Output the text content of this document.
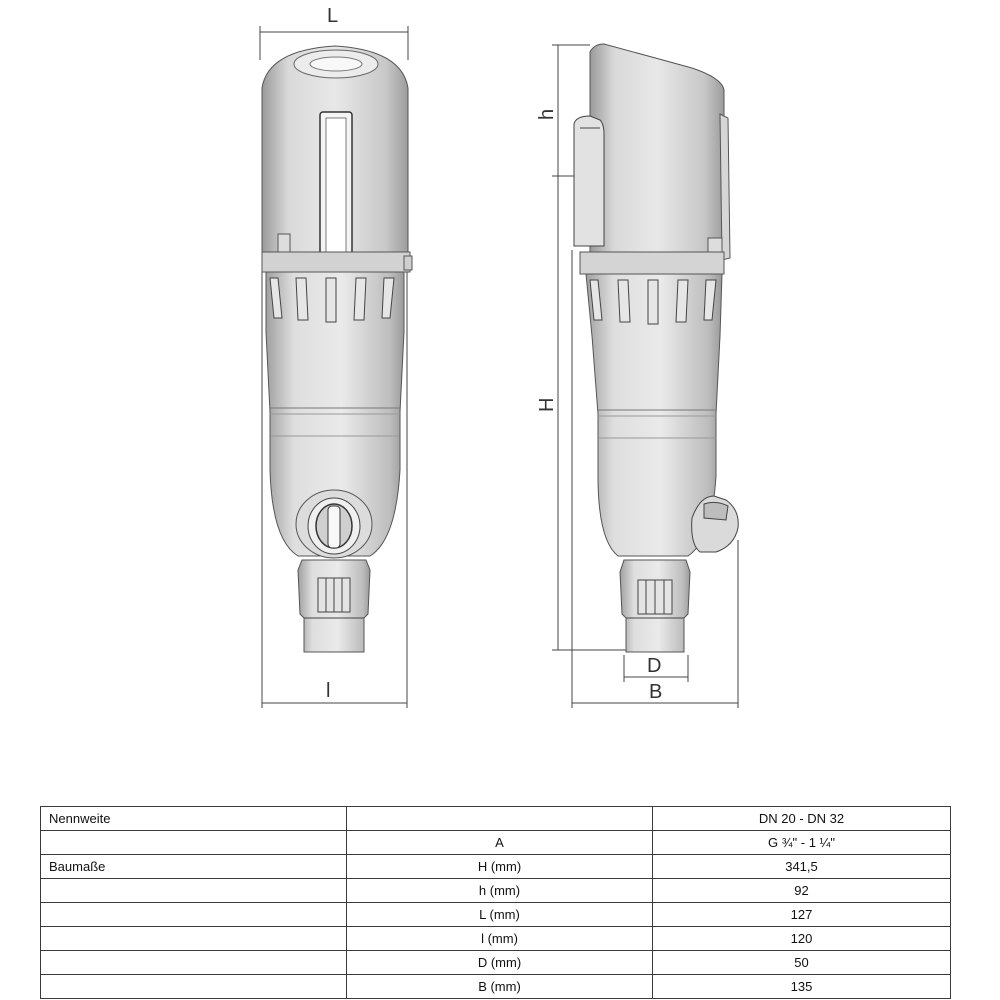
L
l
h
H
D
B
Nennweite		DN 20 - DN 32
	A	G ¾" - 1 ¼"
Baumaße	H (mm)	341,5
	h (mm)	92
	L (mm)	127
	l (mm)	120
	D (mm)	50
	B (mm)	135
